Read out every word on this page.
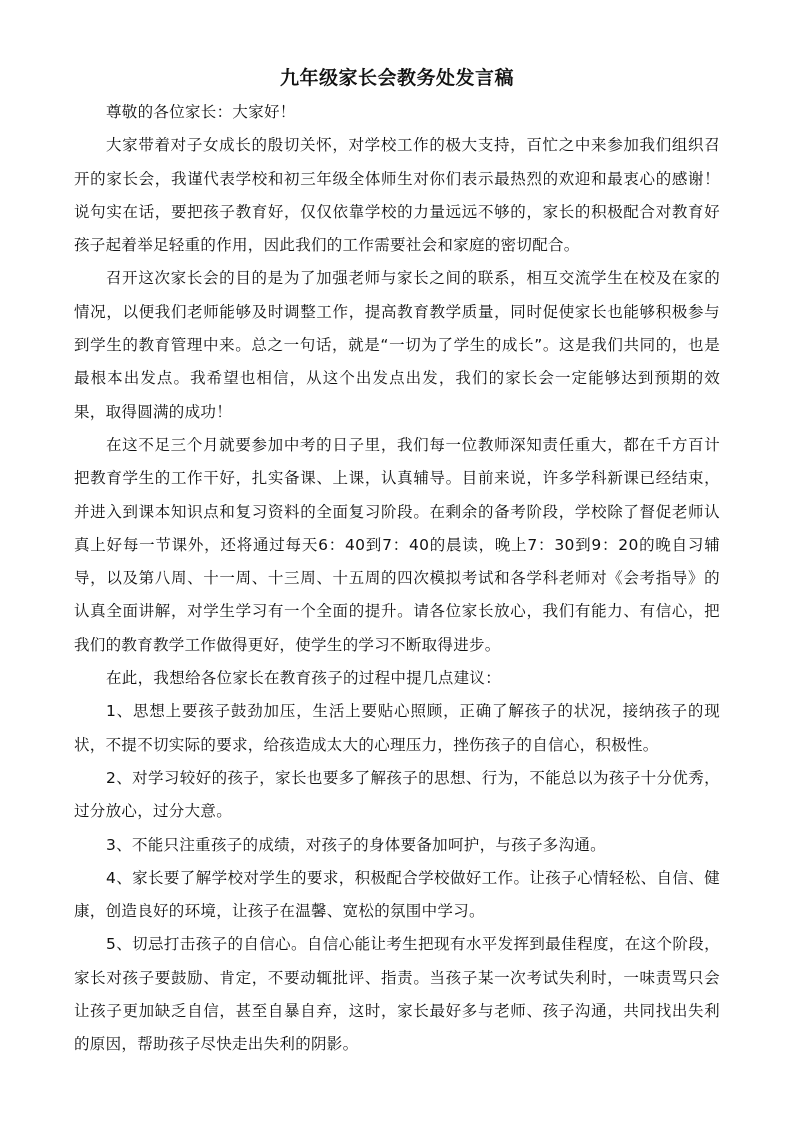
九年级家长会教务处发言稿

尊敬的各位家长：大家好！

大家带着对子女成长的殷切关怀，对学校工作的极大支持，百忙之中来参加我们组织召开的家长会，我谨代表学校和初三年级全体师生对你们表示最热烈的欢迎和最衷心的感谢！说句实在话，要把孩子教育好，仅仅依靠学校的力量远远不够的，家长的积极配合对教育好孩子起着举足轻重的作用，因此我们的工作需要社会和家庭的密切配合。

召开这次家长会的目的是为了加强老师与家长之间的联系，相互交流学生在校及在家的情况，以便我们老师能够及时调整工作，提高教育教学质量，同时促使家长也能够积极参与到学生的教育管理中来。总之一句话，就是“一切为了学生的成长”。这是我们共同的，也是最根本出发点。我希望也相信，从这个出发点出发，我们的家长会一定能够达到预期的效果，取得圆满的成功！

在这不足三个月就要参加中考的日子里，我们每一位教师深知责任重大，都在千方百计把教育学生的工作干好，扎实备课、上课，认真辅导。目前来说，许多学科新课已经结束，并进入到课本知识点和复习资料的全面复习阶段。在剩余的备考阶段，学校除了督促老师认真上好每一节课外，还将通过每天6：40到7：40的晨读，晚上7：30到9：20的晚自习辅导，以及第八周、十一周、十三周、十五周的四次模拟考试和各学科老师对《会考指导》的认真全面讲解，对学生学习有一个全面的提升。请各位家长放心，我们有能力、有信心，把我们的教育教学工作做得更好，使学生的学习不断取得进步。

在此，我想给各位家长在教育孩子的过程中提几点建议：

1、思想上要孩子鼓劲加压，生活上要贴心照顾，正确了解孩子的状况，接纳孩子的现状，不提不切实际的要求，给孩造成太大的心理压力，挫伤孩子的自信心，积极性。

2、对学习较好的孩子，家长也要多了解孩子的思想、行为，不能总以为孩子十分优秀，过分放心，过分大意。

3、不能只注重孩子的成绩，对孩子的身体要备加呵护，与孩子多沟通。

4、家长要了解学校对学生的要求，积极配合学校做好工作。让孩子心情轻松、自信、健康，创造良好的环境，让孩子在温馨、宽松的氛围中学习。

5、切忌打击孩子的自信心。自信心能让考生把现有水平发挥到最佳程度，在这个阶段，家长对孩子要鼓励、肯定，不要动辄批评、指责。当孩子某一次考试失利时，一味责骂只会让孩子更加缺乏自信，甚至自暴自弃，这时，家长最好多与老师、孩子沟通，共同找出失利的原因，帮助孩子尽快走出失利的阴影。
